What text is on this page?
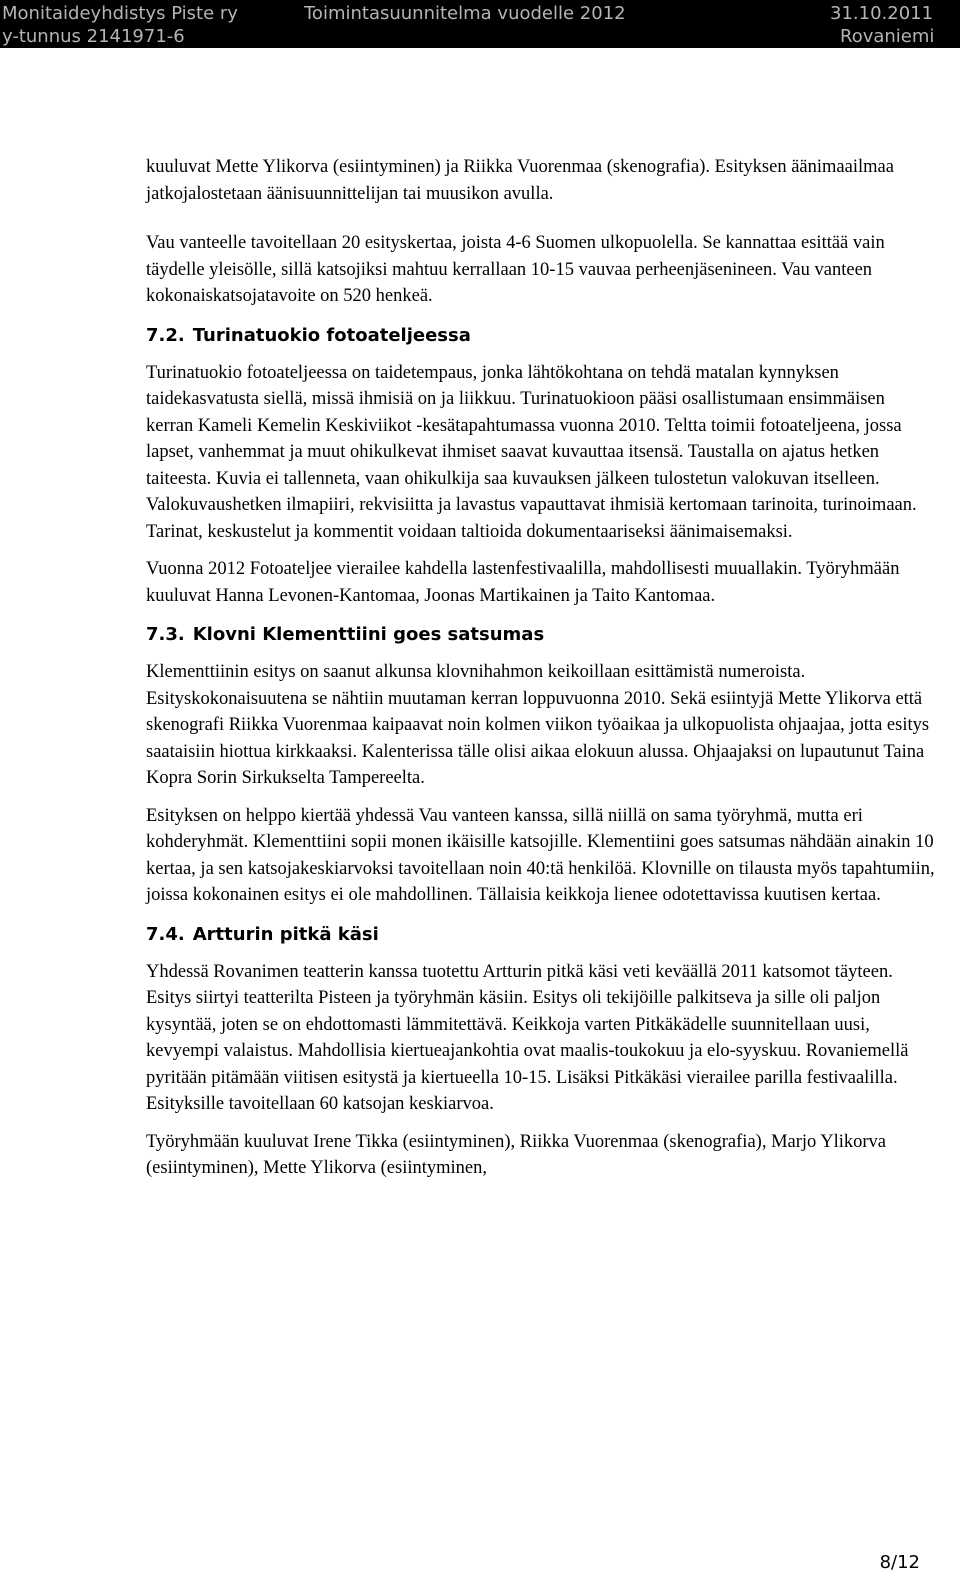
Monitaideyhdistys Piste ry	Toimintasuunnitelma vuodelle 2012	31.10.2011
y-tunnus 2141971-6	Rovaniemi

kuuluvat Mette Ylikorva (esiintyminen) ja Riikka Vuorenmaa (skenografia). Esityksen äänimaailmaa jatkojalostetaan äänisuunnittelijan tai muusikon avulla.

Vau vanteelle tavoitellaan 20 esityskertaa, joista 4-6 Suomen ulkopuolella. Se kannattaa esittää vain täydelle yleisölle, sillä katsojiksi mahtuu kerrallaan 10-15 vauvaa perheenjäsenineen. Vau vanteen kokonaiskatsojatavoite on 520 henkeä.

7.2. Turinatuokio fotoateljeessa

Turinatuokio fotoateljeessa on taidetempaus, jonka lähtökohtana on tehdä matalan kynnyksen taidekasvatusta siellä, missä ihmisiä on ja liikkuu. Turinatuokioon pääsi osallistumaan ensimmäisen kerran Kameli Kemelin Keskiviikot -kesätapahtumassa vuonna 2010. Teltta toimii fotoateljeena, jossa lapset, vanhemmat ja muut ohikulkevat ihmiset saavat kuvauttaa itsensä. Taustalla on ajatus hetken taiteesta. Kuvia ei tallenneta, vaan ohikulkija saa kuvauksen jälkeen tulostetun valokuvan itselleen. Valokuvaushetken ilmapiiri, rekvisiitta ja lavastus vapauttavat ihmisiä kertomaan tarinoita, turinoimaan. Tarinat, keskustelut ja kommentit voidaan taltioida dokumentaariseksi äänimaisemaksi.

Vuonna 2012 Fotoateljee vierailee kahdella lastenfestivaalilla, mahdollisesti muuallakin. Työryhmään kuuluvat Hanna Levonen-Kantomaa, Joonas Martikainen ja Taito Kantomaa.

7.3. Klovni Klementtiini goes satsumas

Klementtiinin esitys on saanut alkunsa klovnihahmon keikoillaan esittämistä numeroista. Esityskokonaisuutena se nähtiin muutaman kerran loppuvuonna 2010. Sekä esiintyjä Mette Ylikorva että skenografi Riikka Vuorenmaa kaipaavat noin kolmen viikon työaikaa ja ulkopuolista ohjaajaa, jotta esitys saataisiin hiottua kirkkaaksi. Kalenterissa tälle olisi aikaa elokuun alussa. Ohjaajaksi on lupautunut Taina Kopra Sorin Sirkukselta Tampereelta.

Esityksen on helppo kiertää yhdessä Vau vanteen kanssa, sillä niillä on sama työryhmä, mutta eri kohderyhmät. Klementtiini sopii monen ikäisille katsojille. Klementiini goes satsumas nähdään ainakin 10 kertaa, ja sen katsojakeskiarvoksi tavoitellaan noin 40:tä henkilöä. Klovnille on tilausta myös tapahtumiin, joissa kokonainen esitys ei ole mahdollinen. Tällaisia keikkoja lienee odotettavissa kuutisen kertaa.

7.4. Artturin pitkä käsi

Yhdessä Rovanimen teatterin kanssa tuotettu Artturin pitkä käsi veti keväällä 2011 katsomot täyteen. Esitys siirtyi teatterilta Pisteen ja työryhmän käsiin. Esitys oli tekijöille palkitseva ja sille oli paljon kysyntää, joten se on ehdottomasti lämmitettävä. Keikkoja varten Pitkäkädelle suunnitellaan uusi, kevyempi valaistus. Mahdollisia kiertueajankohtia ovat maalis-toukokuu ja elo-syyskuu. Rovaniemellä pyritään pitämään viitisen esitystä ja kiertueella 10-15. Lisäksi Pitkäkäsi vierailee parilla festivaalilla. Esityksille tavoitellaan 60 katsojan keskiarvoa.

Työryhmään kuuluvat Irene Tikka (esiintyminen), Riikka Vuorenmaa (skenografia), Marjo Ylikorva (esiintyminen), Mette Ylikorva (esiintyminen,

8/12
